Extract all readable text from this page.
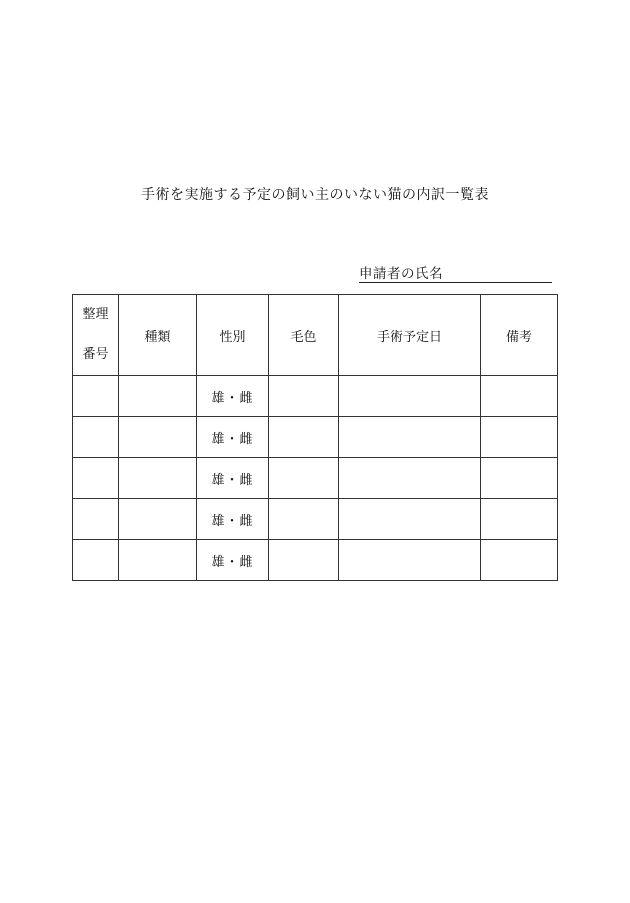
手術を実施する予定の飼い主のいない猫の内訳一覧表
申請者の氏名
整理
番号	種類	性別	毛色	手術予定日	備考
		雄・雌			
		雄・雌			
		雄・雌			
		雄・雌			
		雄・雌			
